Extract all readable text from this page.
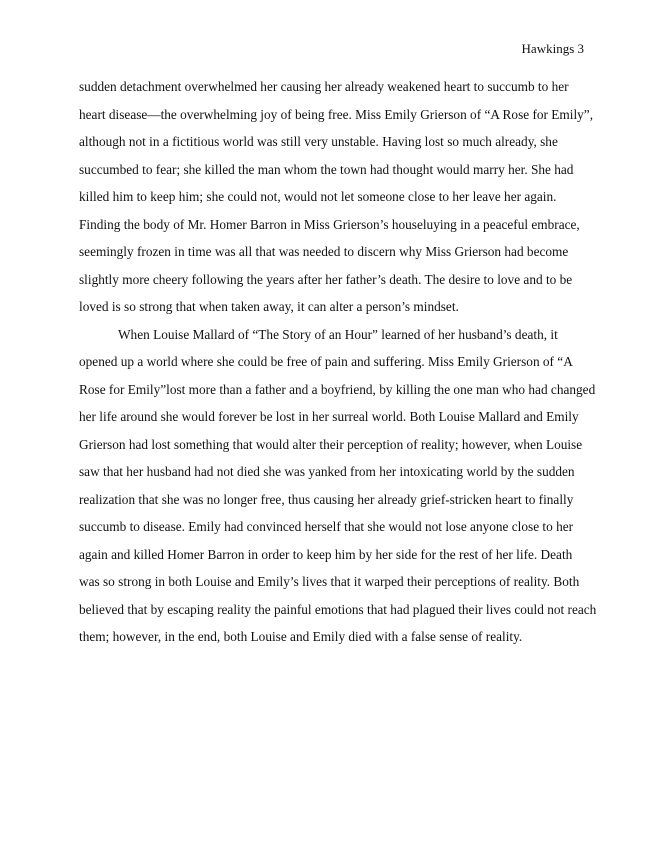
Hawkings 3
sudden detachment overwhelmed her causing her already weakened heart to succumb to her
heart disease—the overwhelming joy of being free. Miss Emily Grierson of “A Rose for Emily”,
although not in a fictitious world was still very unstable. Having lost so much already, she
succumbed to fear; she killed the man whom the town had thought would marry her. She had
killed him to keep him; she could not, would not let someone close to her leave her again.
Finding the body of Mr. Homer Barron in Miss Grierson’s houseluying in a peaceful embrace,
seemingly frozen in time was all that was needed to discern why Miss Grierson had become
slightly more cheery following the years after her father’s death. The desire to love and to be
loved is so strong that when taken away, it can alter a person’s mindset.
When Louise Mallard of “The Story of an Hour” learned of her husband’s death, it
opened up a world where she could be free of pain and suffering. Miss Emily Grierson of “A
Rose for Emily”lost more than a father and a boyfriend, by killing the one man who had changed
her life around she would forever be lost in her surreal world. Both Louise Mallard and Emily
Grierson had lost something that would alter their perception of reality; however, when Louise
saw that her husband had not died she was yanked from her intoxicating world by the sudden
realization that she was no longer free, thus causing her already grief-stricken heart to finally
succumb to disease. Emily had convinced herself that she would not lose anyone close to her
again and killed Homer Barron in order to keep him by her side for the rest of her life. Death
was so strong in both Louise and Emily’s lives that it warped their perceptions of reality. Both
believed that by escaping reality the painful emotions that had plagued their lives could not reach
them; however, in the end, both Louise and Emily died with a false sense of reality.
